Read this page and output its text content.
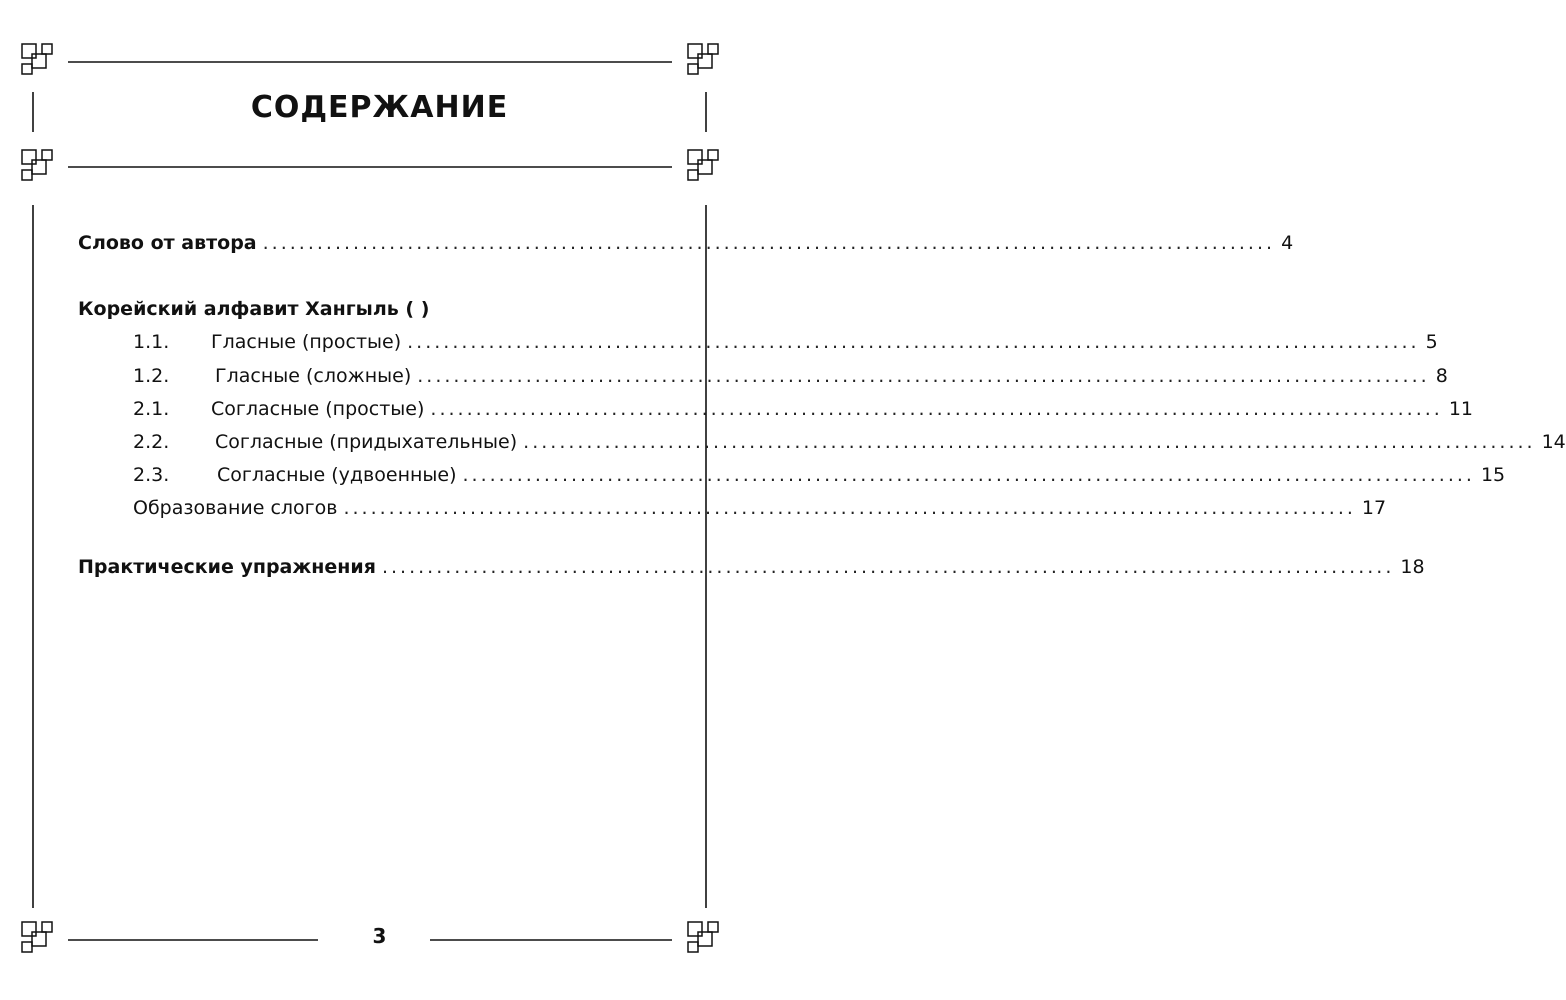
СОДЕРЖАНИЕ
Слово от автора ................................................................................................................ 4
Корейский алфавит Хангыль ( )
1.1. Гласные (простые) ................................................................................................................ 5
1.2. Гласные (сложные) ................................................................................................................ 8
2.1. Согласные (простые) ................................................................................................................ 11
2.2. Согласные (придыхательные) ................................................................................................................ 14
2.3.	Согласные (удвоенные) ................................................................................................................ 15
Образование слогов ................................................................................................................ 17
Практические упражнения ................................................................................................................ 18
3
